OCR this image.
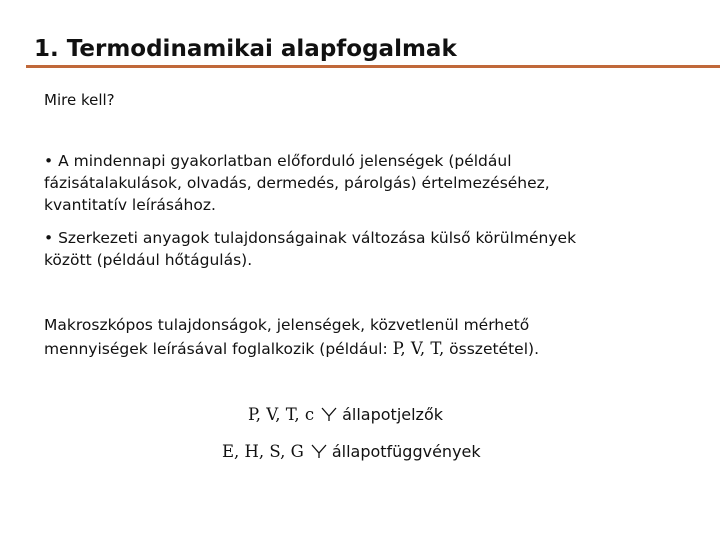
1. Termodinamikai alapfogalmak
Mire kell?
• A mindennapi gyakorlatban előforduló jelenségek (például
fázisátalakulások, olvadás, dermedés, párolgás) értelmezéséhez,
kvantitatív leírásához.
• Szerkezeti anyagok tulajdonságainak változása külső körülmények
között (például hőtágulás).
Makroszkópos tulajdonságok, jelenségek, közvetlenül mérhető
mennyiségek leírásával foglalkozik (például: P, V, T, összetétel).
P, V, T, c állapotjelzők
E, H, S, G állapotfüggvények
